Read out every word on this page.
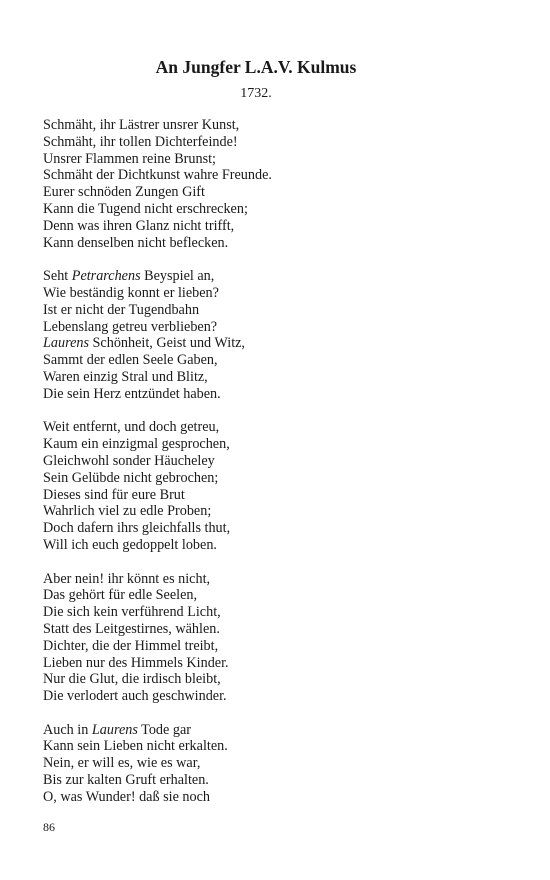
An Jungfer L.A.V. Kulmus
1732.
Schmäht, ihr Lästrer unsrer Kunst,
Schmäht, ihr tollen Dichterfeinde!
Unsrer Flammen reine Brunst;
Schmäht der Dichtkunst wahre Freunde.
Eurer schnöden Zungen Gift
Kann die Tugend nicht erschrecken;
Denn was ihren Glanz nicht trifft,
Kann denselben nicht beflecken.
Seht Petrarchens Beyspiel an,
Wie beständig konnt er lieben?
Ist er nicht der Tugendbahn
Lebenslang getreu verblieben?
Laurens Schönheit, Geist und Witz,
Sammt der edlen Seele Gaben,
Waren einzig Stral und Blitz,
Die sein Herz entzündet haben.
Weit entfernt, und doch getreu,
Kaum ein einzigmal gesprochen,
Gleichwohl sonder Häucheley
Sein Gelübde nicht gebrochen;
Dieses sind für eure Brut
Wahrlich viel zu edle Proben;
Doch dafern ihrs gleichfalls thut,
Will ich euch gedoppelt loben.
Aber nein! ihr könnt es nicht,
Das gehört für edle Seelen,
Die sich kein verführend Licht,
Statt des Leitgestirnes, wählen.
Dichter, die der Himmel treibt,
Lieben nur des Himmels Kinder.
Nur die Glut, die irdisch bleibt,
Die verlodert auch geschwinder.
Auch in Laurens Tode gar
Kann sein Lieben nicht erkalten.
Nein, er will es, wie es war,
Bis zur kalten Gruft erhalten.
O, was Wunder! daß sie noch
86
